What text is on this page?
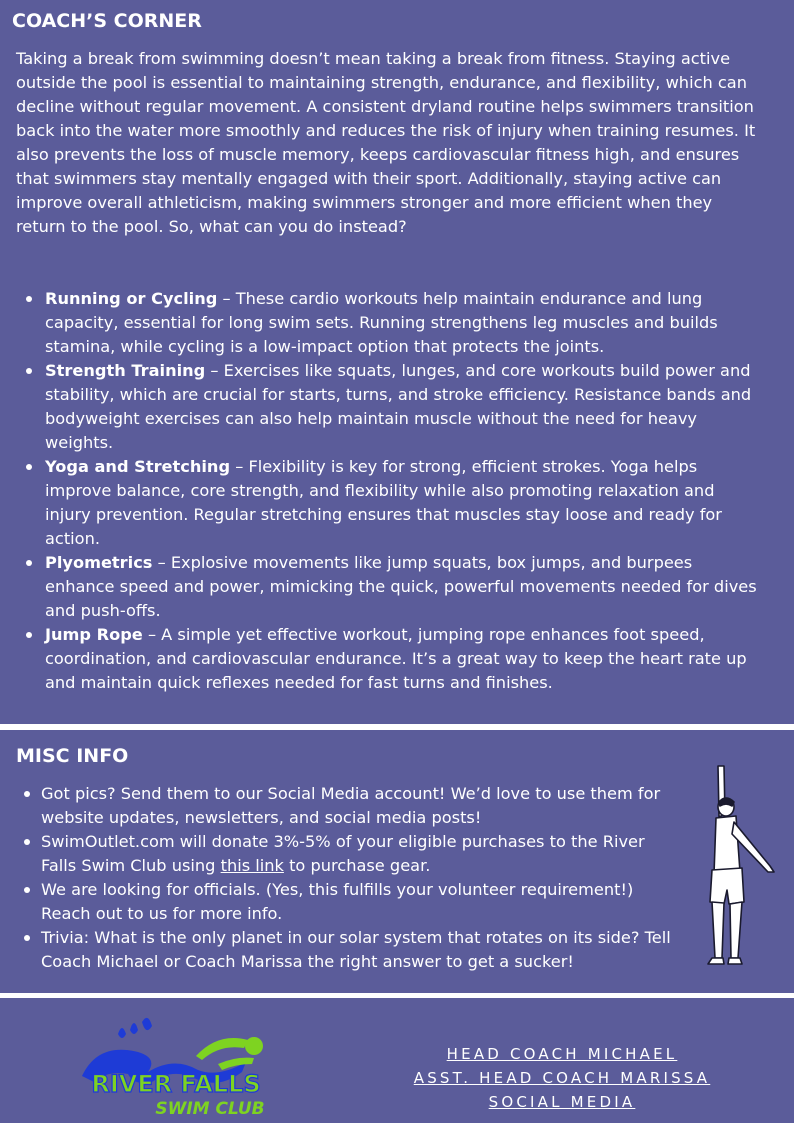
COACH’S CORNER

Taking a break from swimming doesn’t mean taking a break from fitness. Staying active outside the pool is essential to maintaining strength, endurance, and flexibility, which can decline without regular movement. A consistent dryland routine helps swimmers transition back into the water more smoothly and reduces the risk of injury when training resumes. It also prevents the loss of muscle memory, keeps cardiovascular fitness high, and ensures that swimmers stay mentally engaged with their sport. Additionally, staying active can improve overall athleticism, making swimmers stronger and more efficient when they return to the pool. So, what can you do instead?

Running or Cycling – These cardio workouts help maintain endurance and lung capacity, essential for long swim sets. Running strengthens leg muscles and builds stamina, while cycling is a low-impact option that protects the joints.
Strength Training – Exercises like squats, lunges, and core workouts build power and stability, which are crucial for starts, turns, and stroke efficiency. Resistance bands and bodyweight exercises can also help maintain muscle without the need for heavy weights.
Yoga and Stretching – Flexibility is key for strong, efficient strokes. Yoga helps improve balance, core strength, and flexibility while also promoting relaxation and injury prevention. Regular stretching ensures that muscles stay loose and ready for action.
Plyometrics – Explosive movements like jump squats, box jumps, and burpees enhance speed and power, mimicking the quick, powerful movements needed for dives and push-offs.
Jump Rope – A simple yet effective workout, jumping rope enhances foot speed, coordination, and cardiovascular endurance. It’s a great way to keep the heart rate up and maintain quick reflexes needed for fast turns and finishes.
MISC INFO
Got pics? Send them to our Social Media account! We’d love to use them for website updates, newsletters, and social media posts!
SwimOutlet.com will donate 3%-5% of your eligible purchases to the River Falls Swim Club using this link to purchase gear.
We are looking for officials. (Yes, this fulfills your volunteer requirement!) Reach out to us for more info.
Trivia: What is the only planet in our solar system that rotates on its side? Tell Coach Michael or Coach Marissa the right answer to get a sucker!
RIVER FALLS
SWIM CLUB
HEAD COACH MICHAEL
ASST. HEAD COACH MARISSA
SOCIAL MEDIA
